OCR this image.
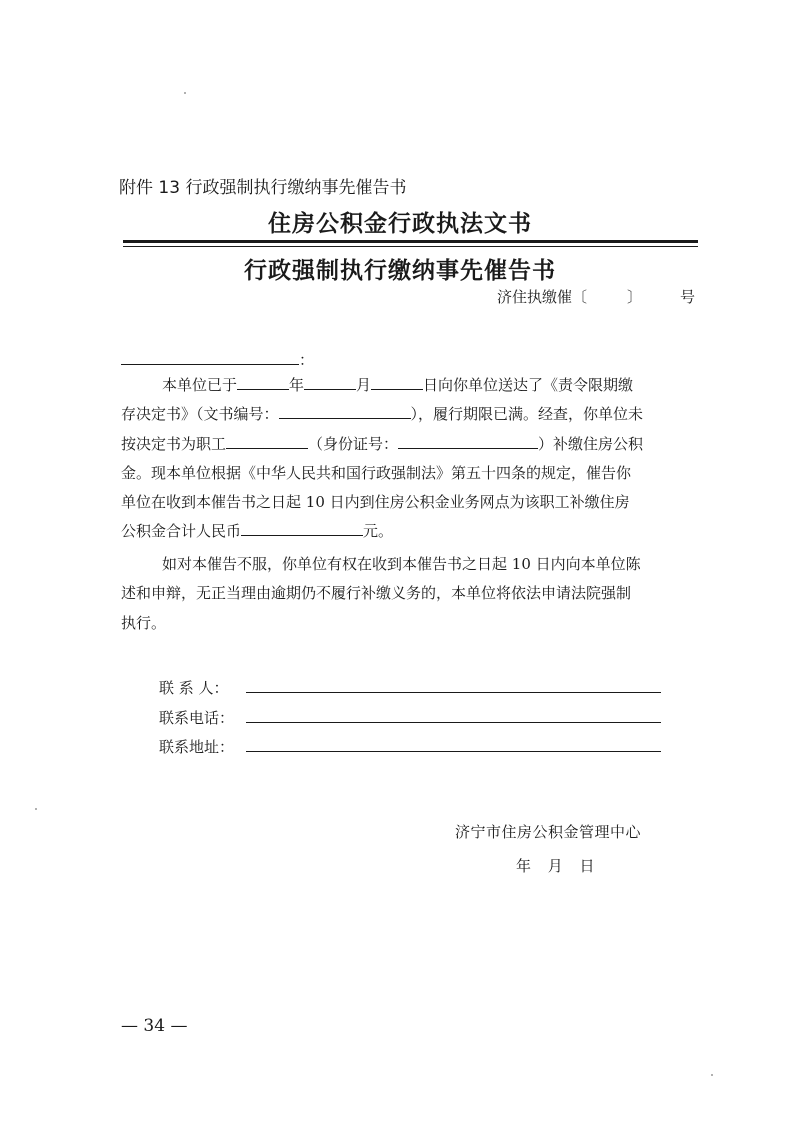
附件 13 行政强制执行缴纳事先催告书
住房公积金行政执法文书
行政强制执行缴纳事先催告书
济住执缴催〔	〕	号
：
本单位已于	年	月	日向你单位送达了《责令限期缴
存决定书》（文书编号：	），履行期限已满。经查，你单位未
按决定书为职工	（身份证号：	）补缴住房公积
金。现本单位根据《中华人民共和国行政强制法》第五十四条的规定，催告你
单位在收到本催告书之日起 10 日内到住房公积金业务网点为该职工补缴住房
公积金合计人民币	元。
如对本催告不服，你单位有权在收到本催告书之日起 10 日内向本单位陈
述和申辩，无正当理由逾期仍不履行补缴义务的，本单位将依法申请法院强制
执行。
联 系 人：
联系电话：
联系地址：
济宁市住房公积金管理中心
年 月 日
— 34 —
